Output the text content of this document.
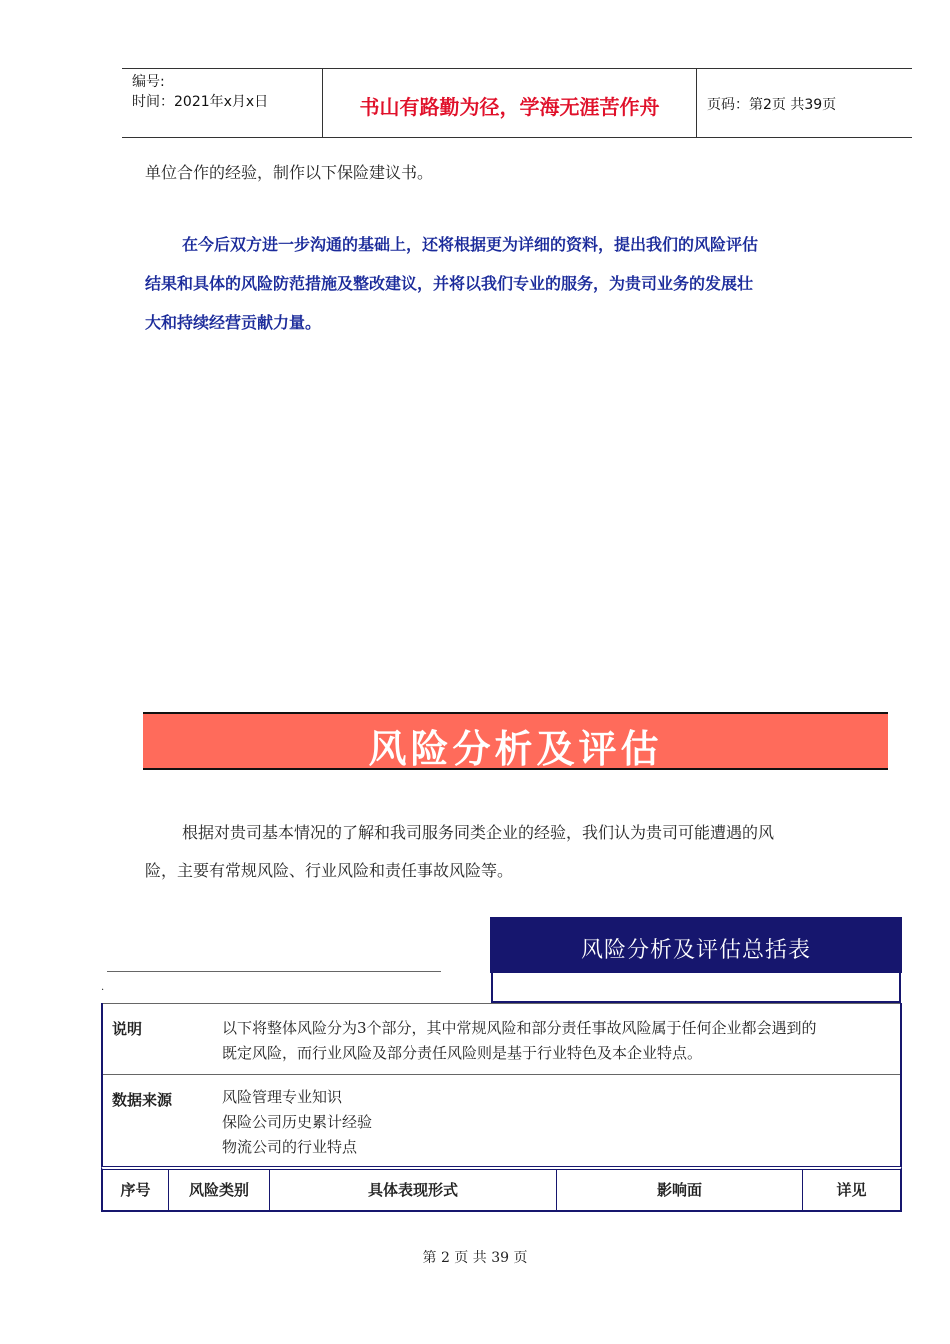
编号:
时间：2021年x月x日	书山有路勤为径，学海无涯苦作舟	页码：第2页 共39页
单位合作的经验，制作以下保险建议书。
在今后双方进一步沟通的基础上，还将根据更为详细的资料，提出我们的风险评估
结果和具体的风险防范措施及整改建议，并将以我们专业的服务，为贵司业务的发展壮
大和持续经营贡献力量。
风险分析及评估
根据对贵司基本情况的了解和我司服务同类企业的经验，我们认为贵司可能遭遇的风
险，主要有常规风险、行业风险和责任事故风险等。
风险分析及评估总括表
.
说明	以下将整体风险分为3个部分，其中常规风险和部分责任事故风险属于任何企业都会遇到的
既定风险，而行业风险及部分责任风险则是基于行业特色及本企业特点。
数据来源	风险管理专业知识
保险公司历史累计经验
物流公司的行业特点
序号	风险类别	具体表现形式	影响面	详见
第 2 页 共 39 页
